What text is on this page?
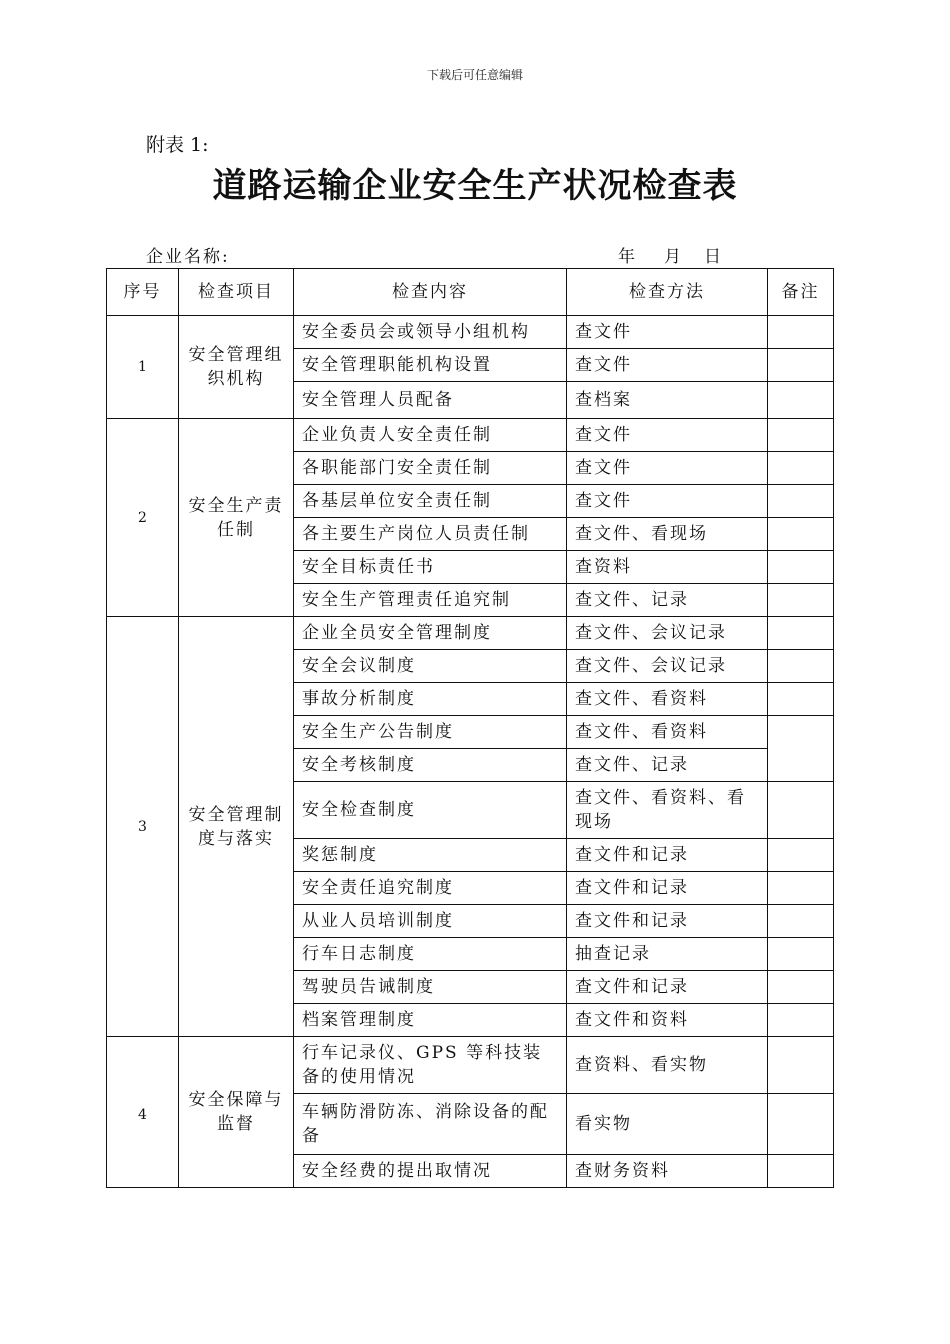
下载后可任意编辑
附表 1:
道路运输企业安全生产状况检查表
企业名称:	年 月 日
序号	检查项目	检查内容	检查方法	备注
1	安全管理组织机构	安全委员会或领导小组机构	查文件	
		安全管理职能机构设置	查文件	
		安全管理人员配备	查档案	
2	安全生产责任制	企业负责人安全责任制	查文件	
		各职能部门安全责任制	查文件	
		各基层单位安全责任制	查文件	
		各主要生产岗位人员责任制	查文件、看现场	
		安全目标责任书	查资料	
		安全生产管理责任追究制	查文件、记录	
3	安全管理制度与落实	企业全员安全管理制度	查文件、会议记录	
		安全会议制度	查文件、会议记录	
		事故分析制度	查文件、看资料	
		安全生产公告制度	查文件、看资料	
		安全考核制度	查文件、记录	
		安全检查制度	查文件、看资料、看现场	
		奖惩制度	查文件和记录	
		安全责任追究制度	查文件和记录	
		从业人员培训制度	查文件和记录	
		行车日志制度	抽查记录	
		驾驶员告诫制度	查文件和记录	
		档案管理制度	查文件和资料	
4	安全保障与监督	行车记录仪、GPS 等科技装备的使用情况	查资料、看实物	
		车辆防滑防冻、消除设备的配备	看实物	
		安全经费的提出取情况	查财务资料	
